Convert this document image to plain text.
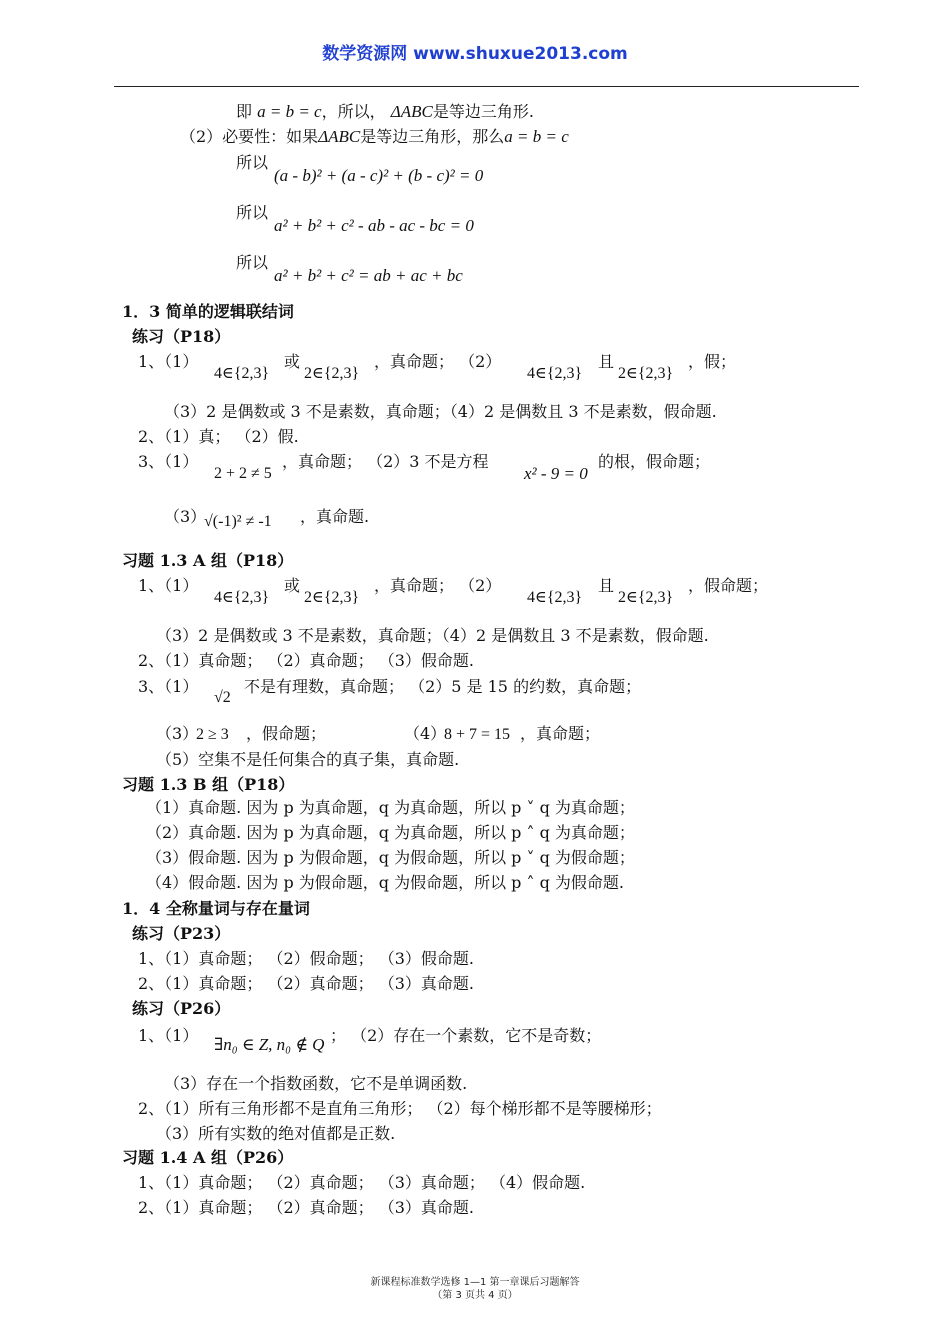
数学资源网 www.shuxue2013.com
即 a = b = c，所以， ΔABC是等边三角形.
（2）必要性：如果ΔABC是等边三角形，那么a = b = c
所以
(a - b)² + (a - c)² + (b - c)² = 0
所以
a² + b² + c² - ab - ac - bc = 0
所以
a² + b² + c² = ab + ac + bc
1．3 简单的逻辑联结词
练习（P18）
1、（1）
4∈{2,3}
或
2∈{2,3}
，真命题； （2）
4∈{2,3}
且
2∈{2,3}
，假；
（3）2 是偶数或 3 不是素数，真命题；（4）2 是偶数且 3 不是素数，假命题.
2、（1）真； （2）假.
3、（1）
2 + 2 ≠ 5
，真命题； （2）3 不是方程
x² - 9 = 0
的根，假命题；
（3）
√(-1)² ≠ -1 ，真命题.
习题 1.3 A 组（P18）
1、（1）
4∈{2,3}
或
2∈{2,3}
，真命题； （2）
4∈{2,3}
且
2∈{2,3}
，假命题；
（3）2 是偶数或 3 不是素数，真命题；（4）2 是偶数且 3 不是素数，假命题.
2、（1）真命题； （2）真命题； （3）假命题.
3、（1）
√2
不是有理数，真命题； （2）5 是 15 的约数，真命题；
（3）
2 ≥ 3 ，假命题；	（4）
8 + 7 = 15 ，真命题；
（5）空集不是任何集合的真子集，真命题.
习题 1.3 B 组（P18）
（1）真命题. 因为 p 为真命题，q 为真命题，所以 p ˅ q 为真命题；
（2）真命题. 因为 p 为真命题，q 为真命题，所以 p ˄ q 为真命题；
（3）假命题. 因为 p 为假命题，q 为假命题，所以 p ˅ q 为假命题；
（4）假命题. 因为 p 为假命题，q 为假命题，所以 p ˄ q 为假命题.
1．4 全称量词与存在量词
练习（P23）
1、（1）真命题； （2）假命题； （3）假命题.
2、（1）真命题； （2）真命题； （3）真命题.
练习（P26）
1、（1） ∃n₀ ∈ Z, n₀ ∉ Q ； （2）存在一个素数，它不是奇数；
（3）存在一个指数函数，它不是单调函数.
2、（1）所有三角形都不是直角三角形； （2）每个梯形都不是等腰梯形；
（3）所有实数的绝对值都是正数.
习题 1.4 A 组（P26）
1、（1）真命题； （2）真命题； （3）真命题； （4）假命题.
2、（1）真命题； （2）真命题； （3）真命题.
新课程标准数学选修 1—1 第一章课后习题解答
（第 3 页共 4 页）
